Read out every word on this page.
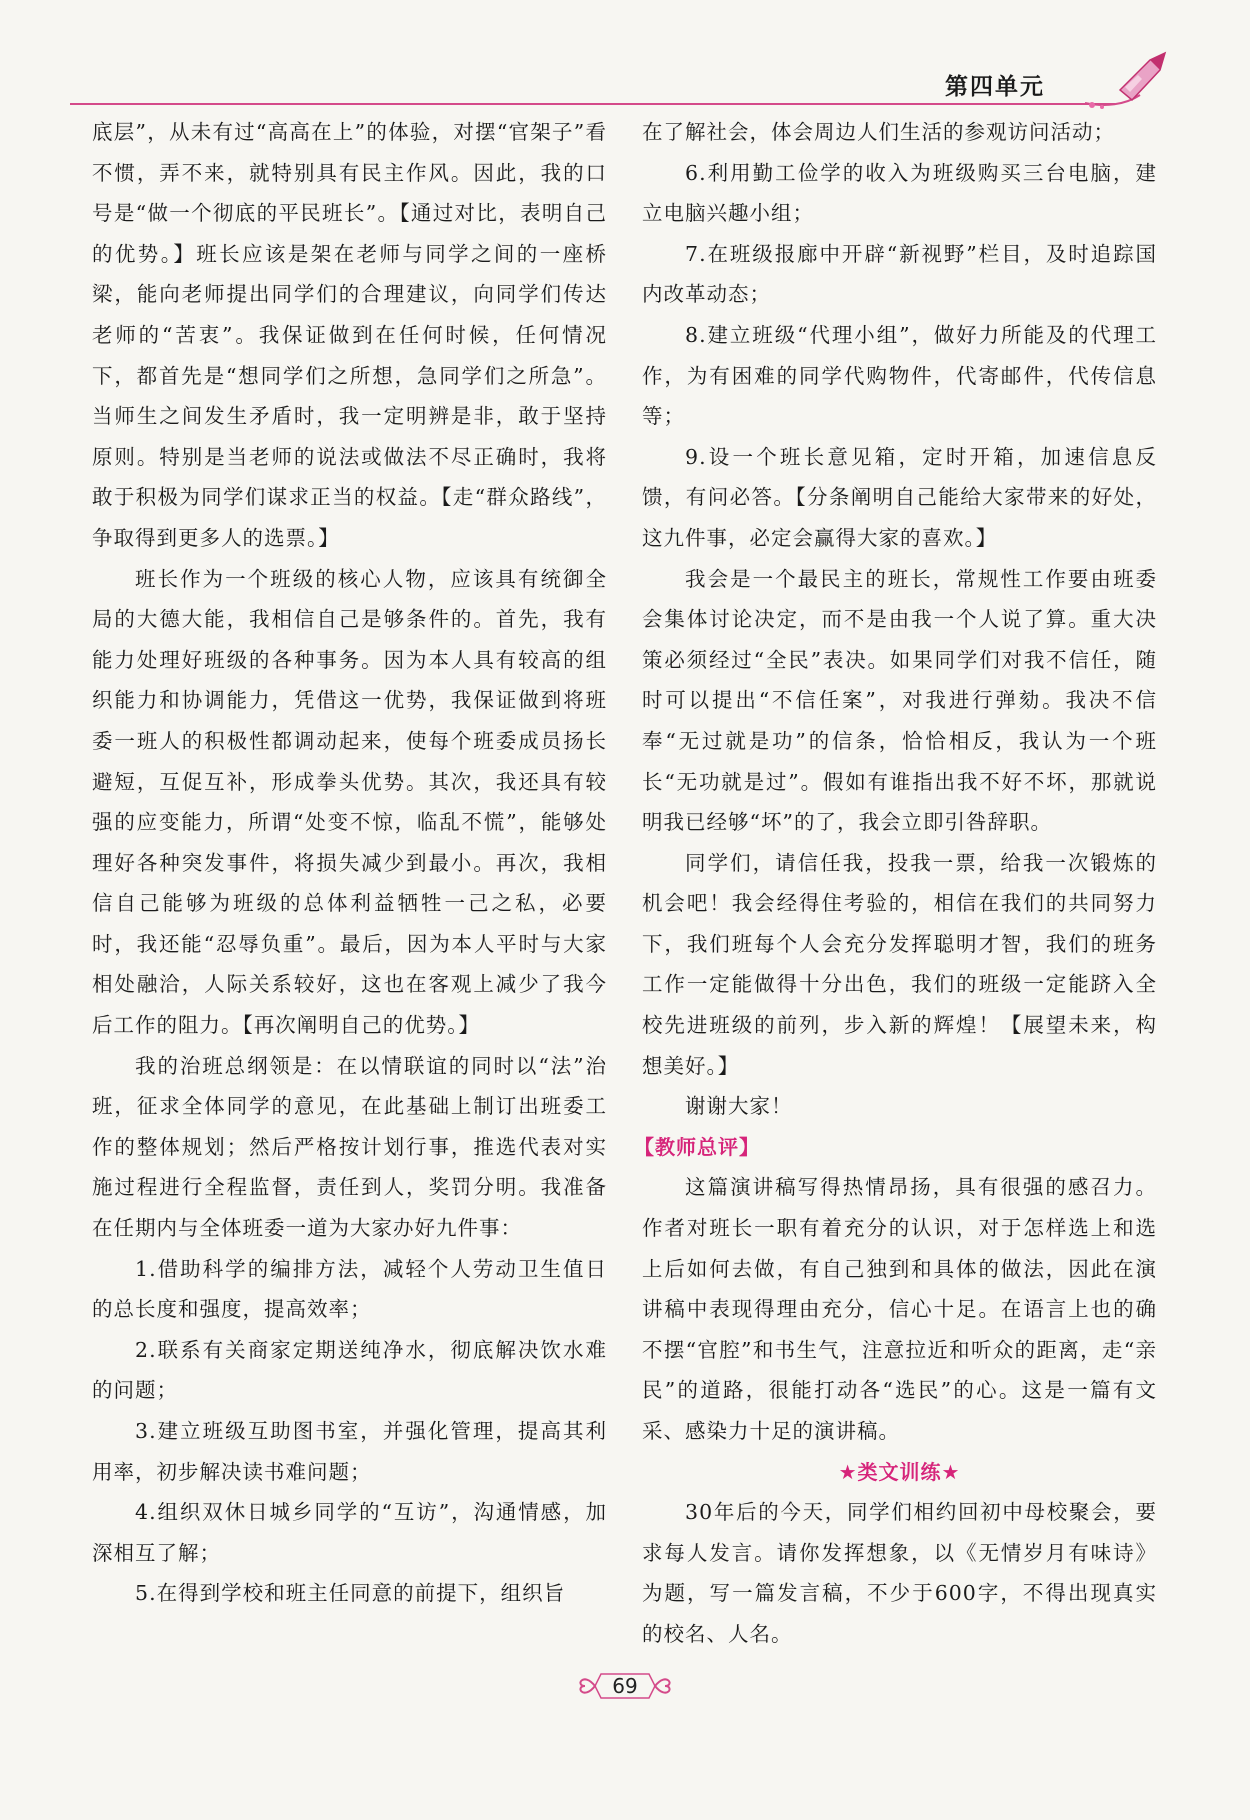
第四单元

底层”，从未有过“高高在上”的体验，对摆“官架子”看不惯，弄不来，就特别具有民主作风。因此，我的口号是“做一个彻底的平民班长”。【通过对比，表明自己的优势。】班长应该是架在老师与同学之间的一座桥梁，能向老师提出同学们的合理建议，向同学们传达老师的“苦衷”。我保证做到在任何时候，任何情况下，都首先是“想同学们之所想，急同学们之所急”。当师生之间发生矛盾时，我一定明辨是非，敢于坚持原则。特别是当老师的说法或做法不尽正确时，我将敢于积极为同学们谋求正当的权益。【走“群众路线”，争取得到更多人的选票。】

班长作为一个班级的核心人物，应该具有统御全局的大德大能，我相信自己是够条件的。首先，我有能力处理好班级的各种事务。因为本人具有较高的组织能力和协调能力，凭借这一优势，我保证做到将班委一班人的积极性都调动起来，使每个班委成员扬长避短，互促互补，形成拳头优势。其次，我还具有较强的应变能力，所谓“处变不惊，临乱不慌”，能够处理好各种突发事件，将损失减少到最小。再次，我相信自己能够为班级的总体利益牺牲一己之私，必要时，我还能“忍辱负重”。最后，因为本人平时与大家相处融洽，人际关系较好，这也在客观上减少了我今后工作的阻力。【再次阐明自己的优势。】

我的治班总纲领是：在以情联谊的同时以“法”治班，征求全体同学的意见，在此基础上制订出班委工作的整体规划；然后严格按计划行事，推选代表对实施过程进行全程监督，责任到人，奖罚分明。我准备在任期内与全体班委一道为大家办好九件事：

1.借助科学的编排方法，减轻个人劳动卫生值日的总长度和强度，提高效率；

2.联系有关商家定期送纯净水，彻底解决饮水难的问题；

3.建立班级互助图书室，并强化管理，提高其利用率，初步解决读书难问题；

4.组织双休日城乡同学的“互访”，沟通情感，加深相互了解；

5.在得到学校和班主任同意的前提下，组织旨

在了解社会，体会周边人们生活的参观访问活动；

6.利用勤工俭学的收入为班级购买三台电脑，建立电脑兴趣小组；

7.在班级报廊中开辟“新视野”栏目，及时追踪国内改革动态；

8.建立班级“代理小组”，做好力所能及的代理工作，为有困难的同学代购物件，代寄邮件，代传信息等；

9.设一个班长意见箱，定时开箱，加速信息反馈，有问必答。【分条阐明自己能给大家带来的好处，这九件事，必定会赢得大家的喜欢。】

我会是一个最民主的班长，常规性工作要由班委会集体讨论决定，而不是由我一个人说了算。重大决策必须经过“全民”表决。如果同学们对我不信任，随时可以提出“不信任案”，对我进行弹劾。我决不信奉“无过就是功”的信条，恰恰相反，我认为一个班长“无功就是过”。假如有谁指出我不好不坏，那就说明我已经够“坏”的了，我会立即引咎辞职。

同学们，请信任我，投我一票，给我一次锻炼的机会吧！我会经得住考验的，相信在我们的共同努力下，我们班每个人会充分发挥聪明才智，我们的班务工作一定能做得十分出色，我们的班级一定能跻入全校先进班级的前列，步入新的辉煌！【展望未来，构想美好。】

谢谢大家！

【教师总评】

这篇演讲稿写得热情昂扬，具有很强的感召力。作者对班长一职有着充分的认识，对于怎样选上和选上后如何去做，有自己独到和具体的做法，因此在演讲稿中表现得理由充分，信心十足。在语言上也的确不摆“官腔”和书生气，注意拉近和听众的距离，走“亲民”的道路，很能打动各“选民”的心。这是一篇有文采、感染力十足的演讲稿。

★类文训练★

30年后的今天，同学们相约回初中母校聚会，要求每人发言。请你发挥想象，以《无情岁月有味诗》为题，写一篇发言稿，不少于600字，不得出现真实的校名、人名。

69
